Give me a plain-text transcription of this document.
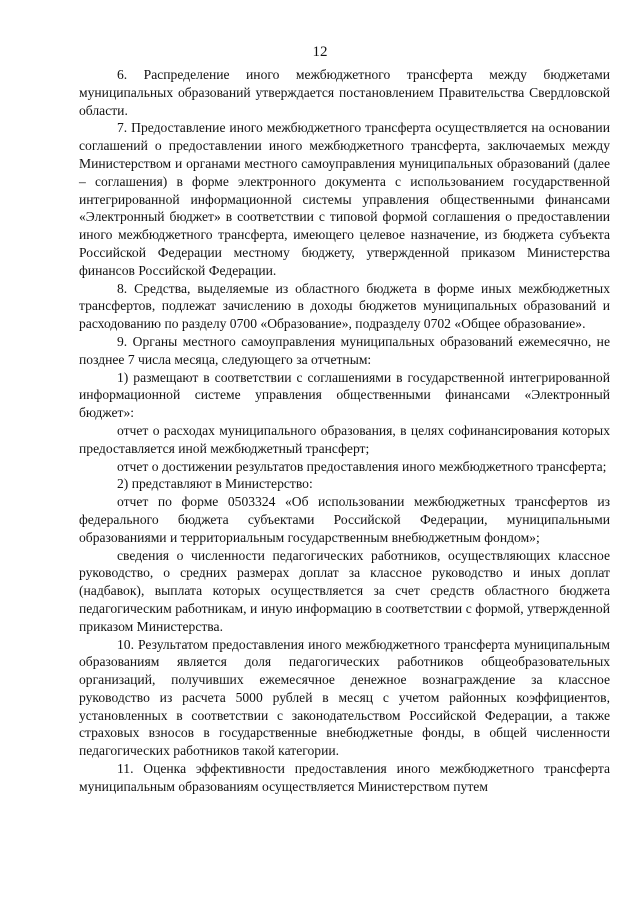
12

6. Распределение иного межбюджетного трансферта между бюджетами муниципальных образований утверждается постановлением Правительства Свердловской области.

7. Предоставление иного межбюджетного трансферта осуществляется на основании соглашений о предоставлении иного межбюджетного трансферта, заключаемых между Министерством и органами местного самоуправления муниципальных образований (далее – соглашения) в форме электронного документа с использованием государственной интегрированной информационной системы управления общественными финансами «Электронный бюджет» в соответствии с типовой формой соглашения о предоставлении иного межбюджетного трансферта, имеющего целевое назначение, из бюджета субъекта Российской Федерации местному бюджету, утвержденной приказом Министерства финансов Российской Федерации.

8. Средства, выделяемые из областного бюджета в форме иных межбюджетных трансфертов, подлежат зачислению в доходы бюджетов муниципальных образований и расходованию по разделу 0700 «Образование», подразделу 0702 «Общее образование».

9. Органы местного самоуправления муниципальных образований ежемесячно, не позднее 7 числа месяца, следующего за отчетным:

1) размещают в соответствии с соглашениями в государственной интегрированной информационной системе управления общественными финансами «Электронный бюджет»:

отчет о расходах муниципального образования, в целях софинансирования которых предоставляется иной межбюджетный трансферт;

отчет о достижении результатов предоставления иного межбюджетного трансферта;

2) представляют в Министерство:

отчет по форме 0503324 «Об использовании межбюджетных трансфертов из федерального бюджета субъектами Российской Федерации, муниципальными образованиями и территориальным государственным внебюджетным фондом»;

сведения о численности педагогических работников, осуществляющих классное руководство, о средних размерах доплат за классное руководство и иных доплат (надбавок), выплата которых осуществляется за счет средств областного бюджета педагогическим работникам, и иную информацию в соответствии с формой, утвержденной приказом Министерства.

10. Результатом предоставления иного межбюджетного трансферта муниципальным образованиям является доля педагогических работников общеобразовательных организаций, получивших ежемесячное денежное вознаграждение за классное руководство из расчета 5000 рублей в месяц с учетом районных коэффициентов, установленных в соответствии с законодательством Российской Федерации, а также страховых взносов в государственные внебюджетные фонды, в общей численности педагогических работников такой категории.

11. Оценка эффективности предоставления иного межбюджетного трансферта муниципальным образованиям осуществляется Министерством путем
